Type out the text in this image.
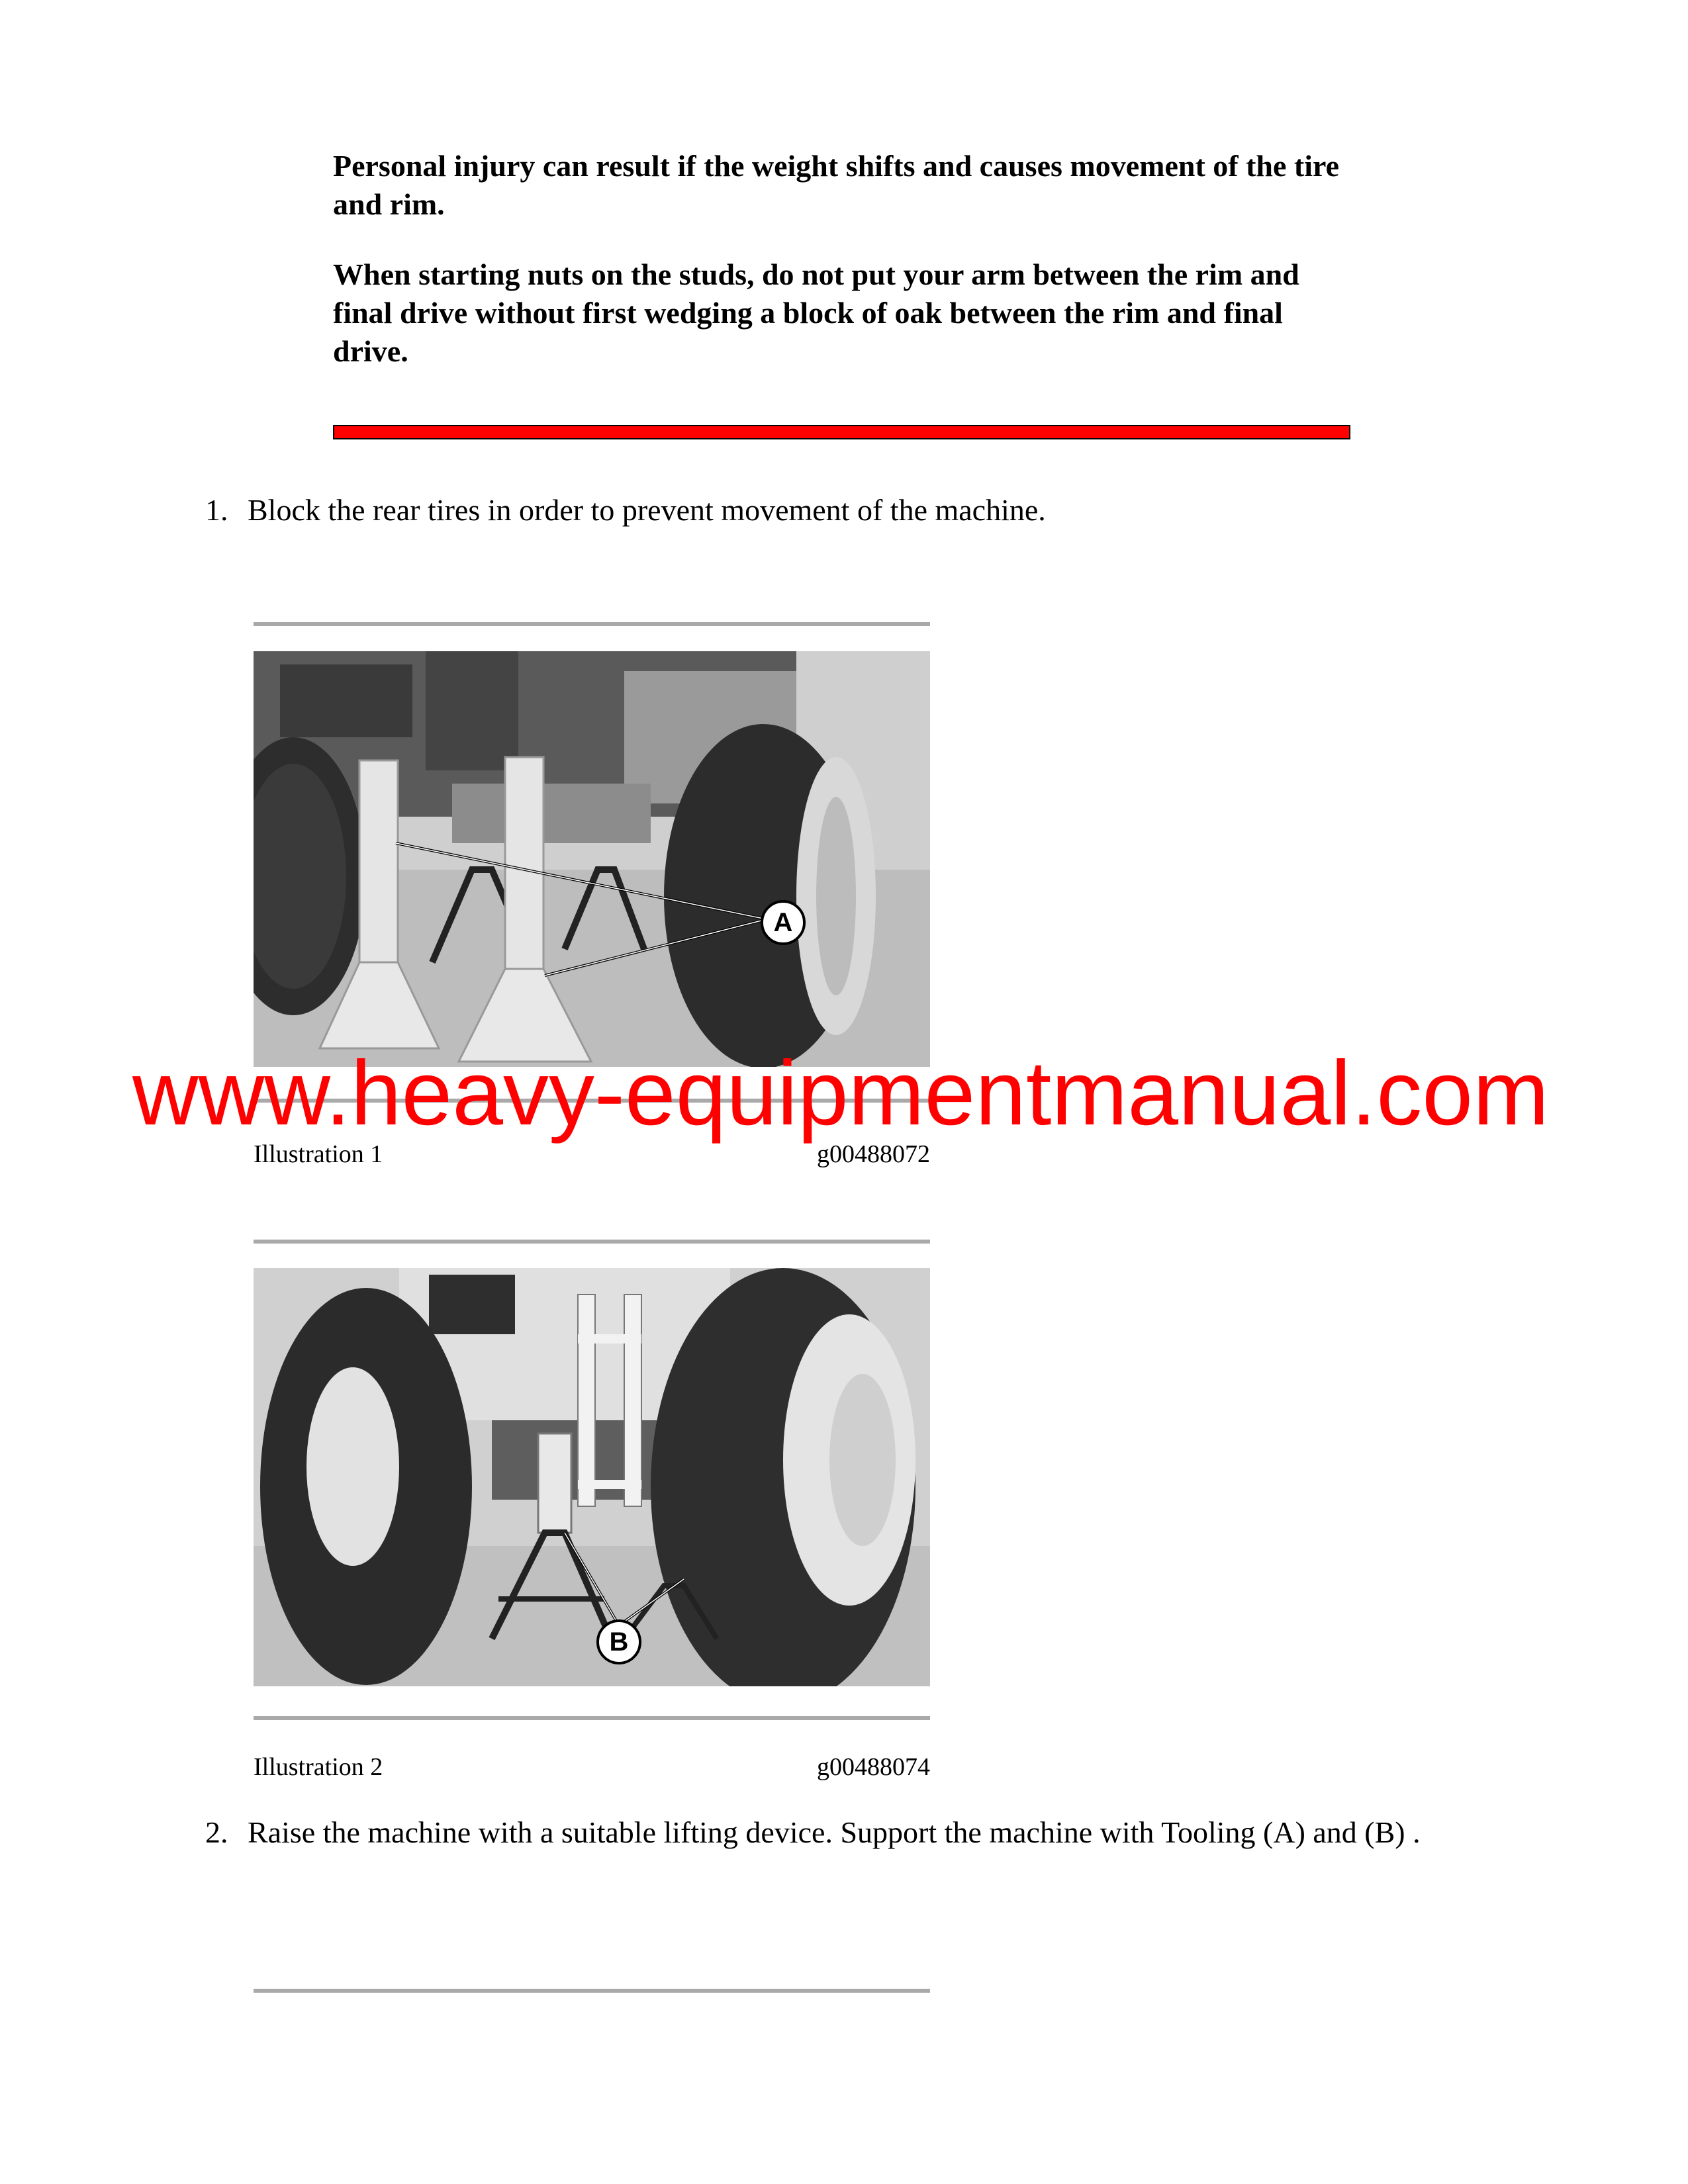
Personal injury can result if the weight shifts and causes movement of the tire and rim.

When starting nuts on the studs, do not put your arm between the rim and final drive without first wedging a block of oak between the rim and final drive.

1. Block the rear tires in order to prevent movement of the machine.
A
Illustration 1	g00488072
B
Illustration 2	g00488074
2. Raise the machine with a suitable lifting device. Support the machine with Tooling (A) and (B) .
www.heavy-equipmentmanual.com
